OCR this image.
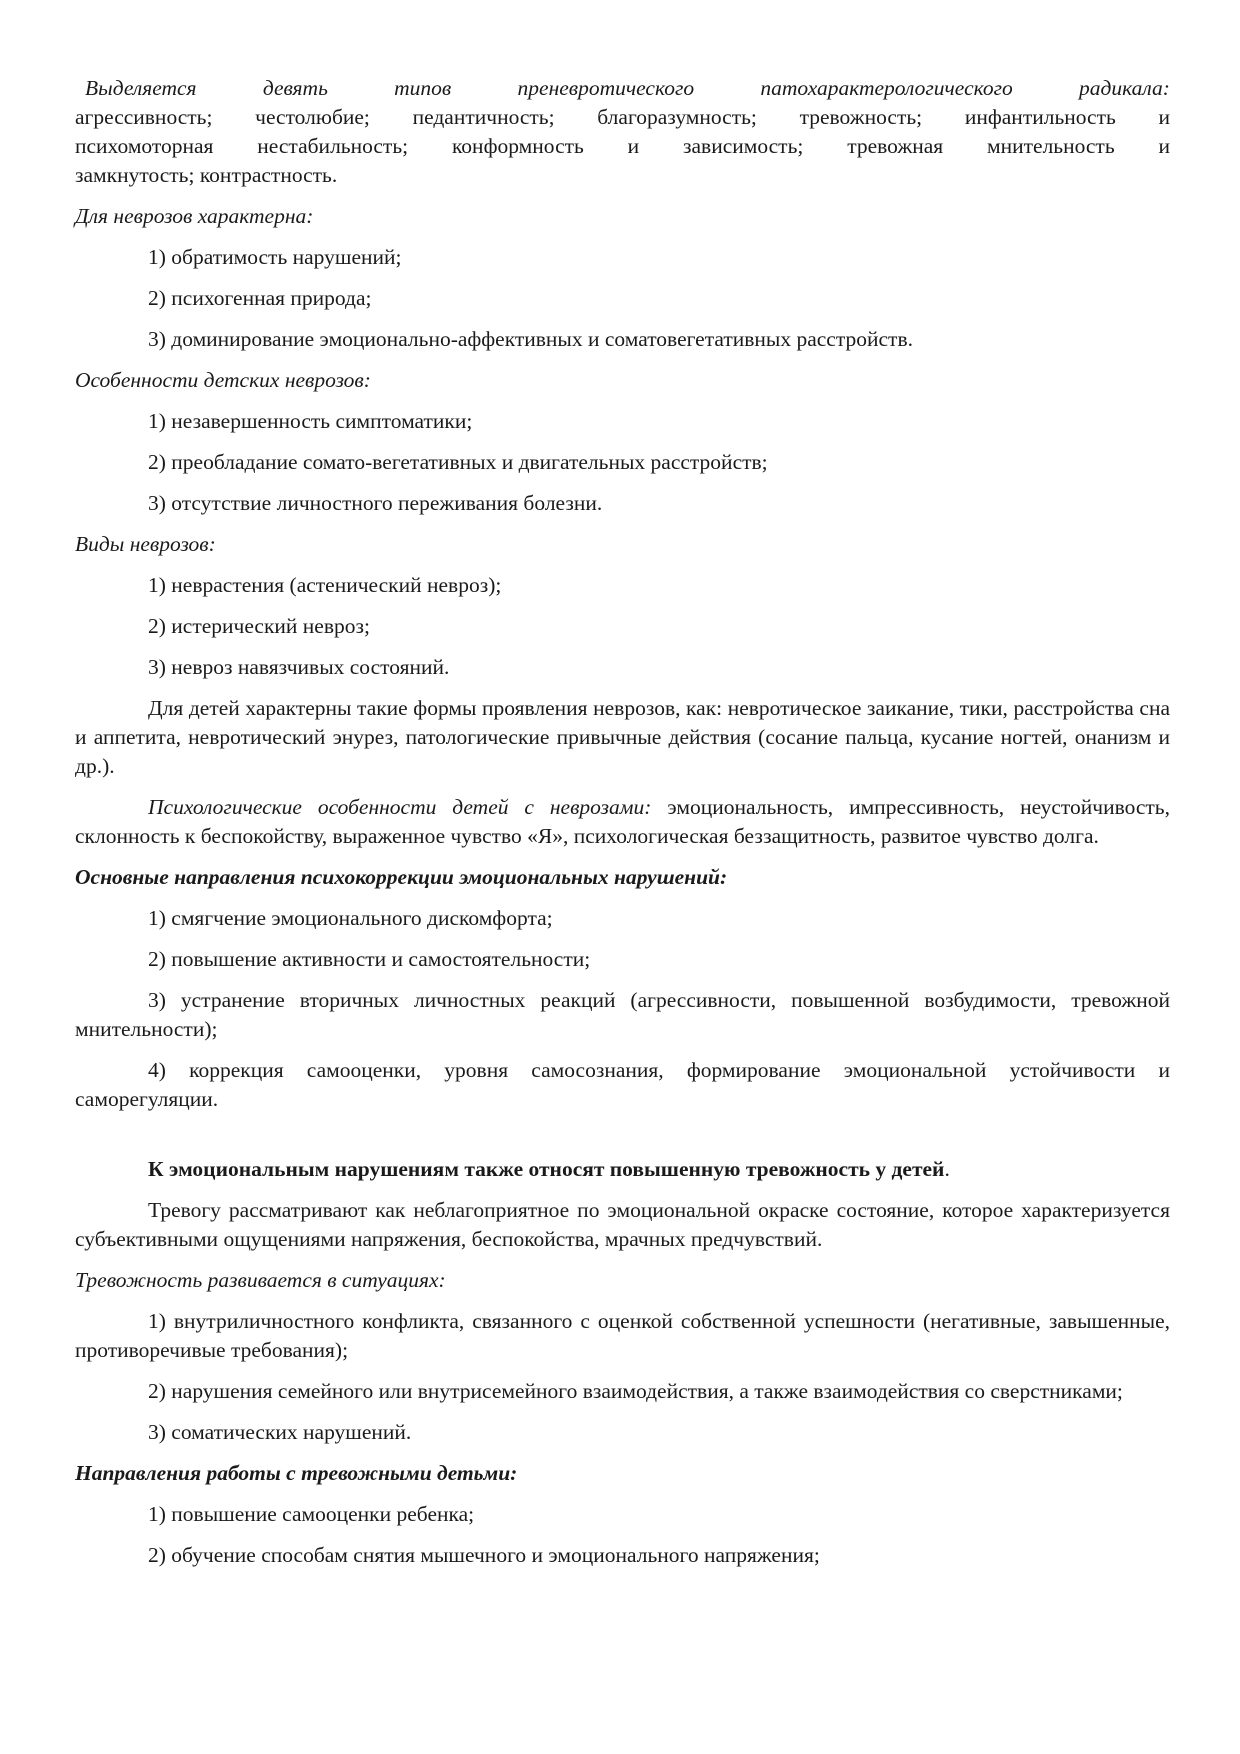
Выделяется	девять	типов	преневротического	патохарактерологического	радикала:

агрессивность; честолюбие; педантичность; благоразумность; тревожность; инфантильность и

психомоторная нестабильность; конформность и зависимость; тревожная мнительность и

замкнутость; контрастность.

Для неврозов характерна:

1) обратимость нарушений;

2) психогенная природа;

3) доминирование эмоционально-аффективных и соматовегетативных расстройств.

Особенности детских неврозов:

1) незавершенность симптоматики;

2) преобладание сомато-вегетативных и двигательных расстройств;

3) отсутствие личностного переживания болезни.

Виды неврозов:

1) неврастения (астенический невроз);

2) истерический невроз;

3) невроз навязчивых состояний.

Для детей характерны такие формы проявления неврозов, как: невротическое заикание, тики, расстройства сна и аппетита, невротический энурез, патологические привычные действия (сосание пальца, кусание ногтей, онанизм и др.).

Психологические особенности детей с неврозами: эмоциональность, импрессивность, неустойчивость, склонность к беспокойству, выраженное чувство «Я», психологическая беззащитность, развитое чувство долга.

Основные направления психокоррекции эмоциональных нарушений:

1) смягчение эмоционального дискомфорта;

2) повышение активности и самостоятельности;

3) устранение вторичных личностных реакций (агрессивности, повышенной возбудимости, тревожной мнительности);

4) коррекция самооценки, уровня самосознания, формирование эмоциональной устойчивости и саморегуляции.

К эмоциональным нарушениям также относят повышенную тревожность у детей.

Тревогу рассматривают как неблагоприятное по эмоциональной окраске состояние, которое характеризуется субъективными ощущениями напряжения, беспокойства, мрачных предчувствий.

Тревожность развивается в ситуациях:

1) внутриличностного конфликта, связанного с оценкой собственной успешности (негативные, завышенные, противоречивые требования);

2) нарушения семейного или внутрисемейного взаимодействия, а также взаимодействия со сверстниками;

3) соматических нарушений.

Направления работы с тревожными детьми:

1) повышение самооценки ребенка;

2) обучение способам снятия мышечного и эмоционального напряжения;
